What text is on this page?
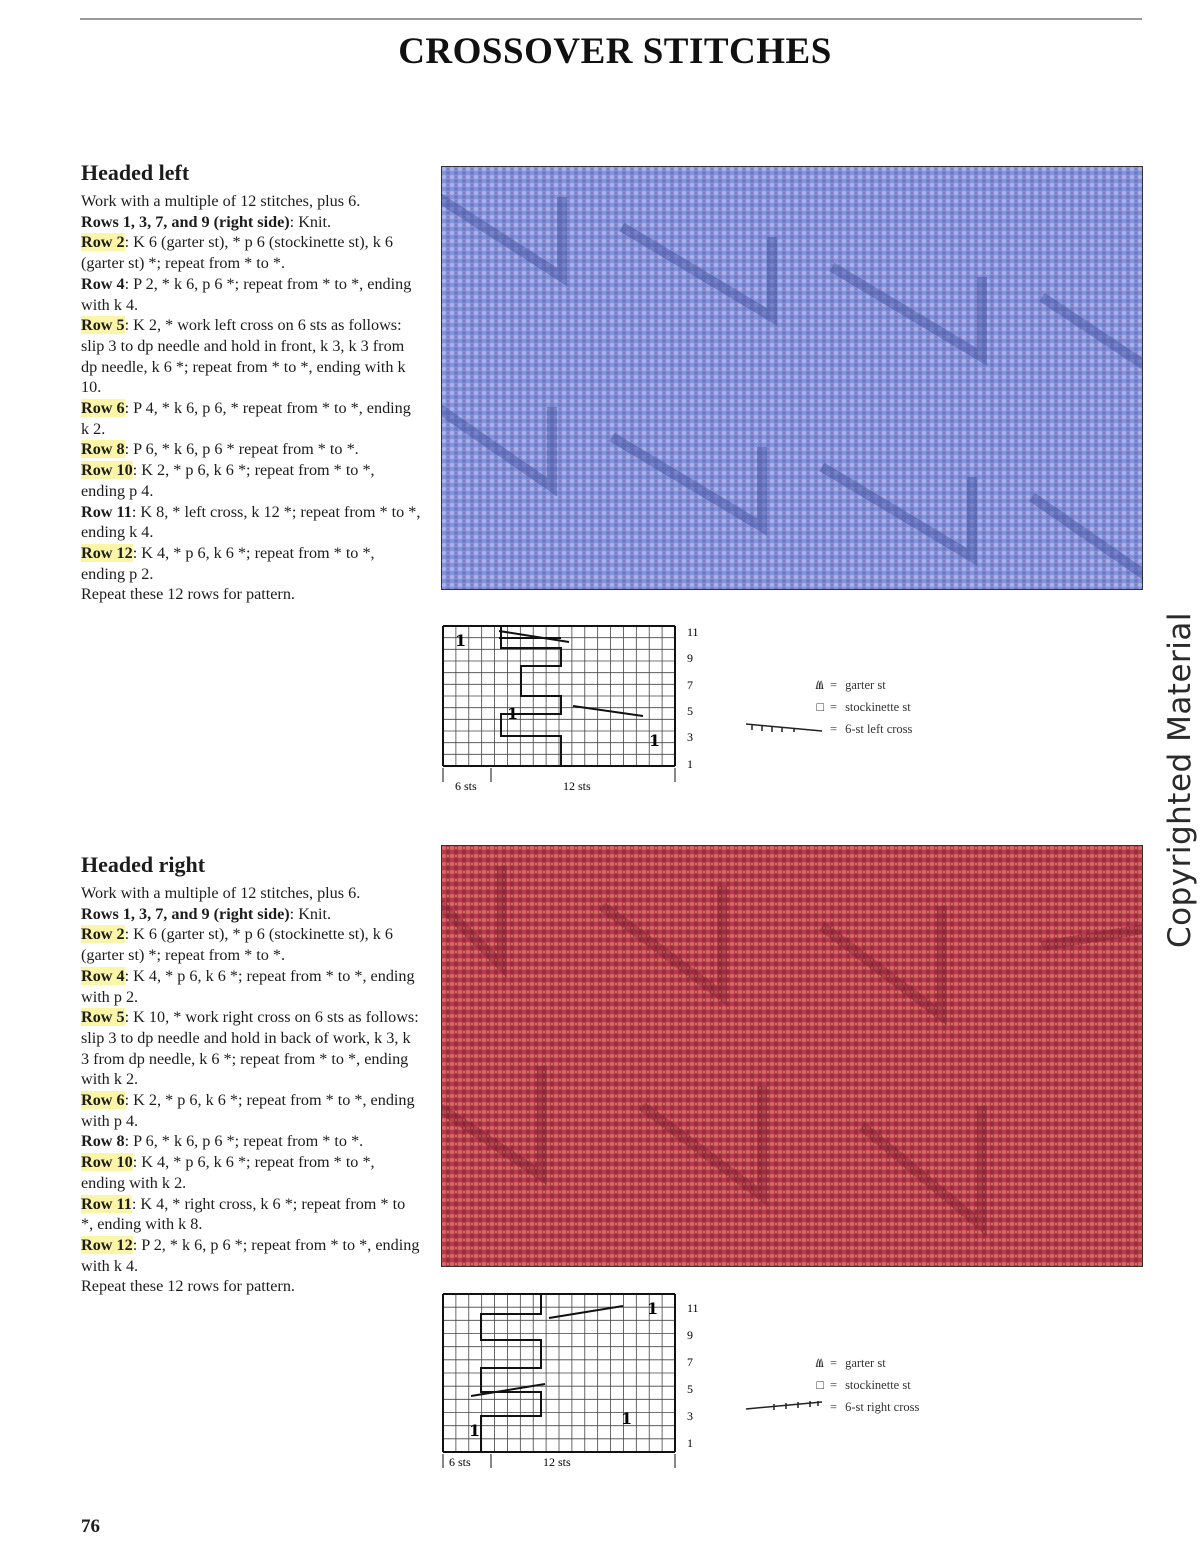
CROSSOVER STITCHES
Headed left

Work with a multiple of 12 stitches, plus 6.

Rows 1, 3, 7, and 9 (right side): Knit.

Row 2: K 6 (garter st), * p 6 (stockinette st), k 6 (garter st) *; repeat from * to *.

Row 4: P 2, * k 6, p 6 *; repeat from * to *, ending with k 4.

Row 5: K 2, * work left cross on 6 sts as follows: slip 3 to dp needle and hold in front, k 3, k 3 from dp needle, k 6 *; repeat from * to *, ending with k 10.

Row 6: P 4, * k 6, p 6, * repeat from * to *, ending k 2.

Row 8: P 6, * k 6, p 6 * repeat from * to *.

Row 10: K 2, * p 6, k 6 *; repeat from * to *, ending p 4.

Row 11: K 8, * left cross, k 12 *; repeat from * to *, ending k 4.

Row 12: K 4, * p 6, k 6 *; repeat from * to *, ending p 2.

Repeat these 12 rows for pattern.

1
1
1
6 sts	12 sts
11
9
7
5
3
1
Ⱞ = garter st
□ = stockinette st
= 6-st left cross
Headed right

Work with a multiple of 12 stitches, plus 6.

Rows 1, 3, 7, and 9 (right side): Knit.

Row 2: K 6 (garter st), * p 6 (stockinette st), k 6 (garter st) *; repeat from * to *.

Row 4: K 4, * p 6, k 6 *; repeat from * to *, ending with p 2.

Row 5: K 10, * work right cross on 6 sts as follows: slip 3 to dp needle and hold in back of work, k 3, k 3 from dp needle, k 6 *; repeat from * to *, ending with k 2.

Row 6: K 2, * p 6, k 6 *; repeat from * to *, ending with p 4.

Row 8: P 6, * k 6, p 6 *; repeat from * to *.

Row 10: K 4, * p 6, k 6 *; repeat from * to *, ending with k 2.

Row 11: K 4, * right cross, k 6 *; repeat from * to *, ending with k 8.

Row 12: P 2, * k 6, p 6 *; repeat from * to *, ending with k 4.

Repeat these 12 rows for pattern.

1
1
1
6 sts	12 sts
11
9
7
5
3
1
Ⱞ = garter st
□ = stockinette st
= 6-st right cross
Copyrighted Material
76
